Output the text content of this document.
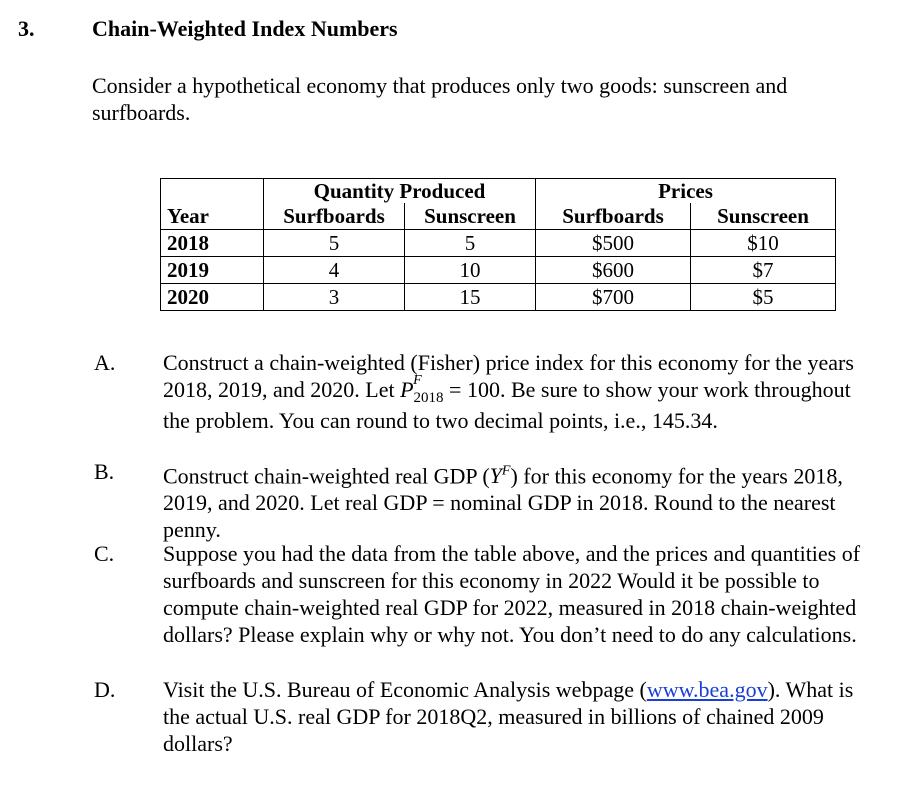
3.	Chain-Weighted Index Numbers
Consider a hypothetical economy that produces only two goods: sunscreen and surfboards.
	Quantity Produced		Prices	
Year	Surfboards	Sunscreen	Surfboards	Sunscreen
2018	5	5	$500	$10
2019	4	10	$600	$7
2020	3	15	$700	$5
A. Construct a chain-weighted (Fisher) price index for this economy for the years 2018, 2019, and 2020. Let P F
$_{2018}$ = 100. Be sure to show your work throughout the problem. You can round to two decimal points, i.e., 145.34.
B. Construct chain-weighted real GDP $(Y^F)$ for this economy for the years 2018, 2019, and 2020. Let real GDP = nominal GDP in 2018. Round to the nearest penny.
C. Suppose you had the data from the table above, and the prices and quantities of surfboards and sunscreen for this economy in 2022 Would it be possible to compute chain-weighted real GDP for 2022, measured in 2018 chain-weighted dollars? Please explain why or why not. You don’t need to do any calculations.
D. Visit the U.S. Bureau of Economic Analysis webpage (www.bea.gov). What is the actual U.S. real GDP for 2018Q2, measured in billions of chained 2009 dollars?
